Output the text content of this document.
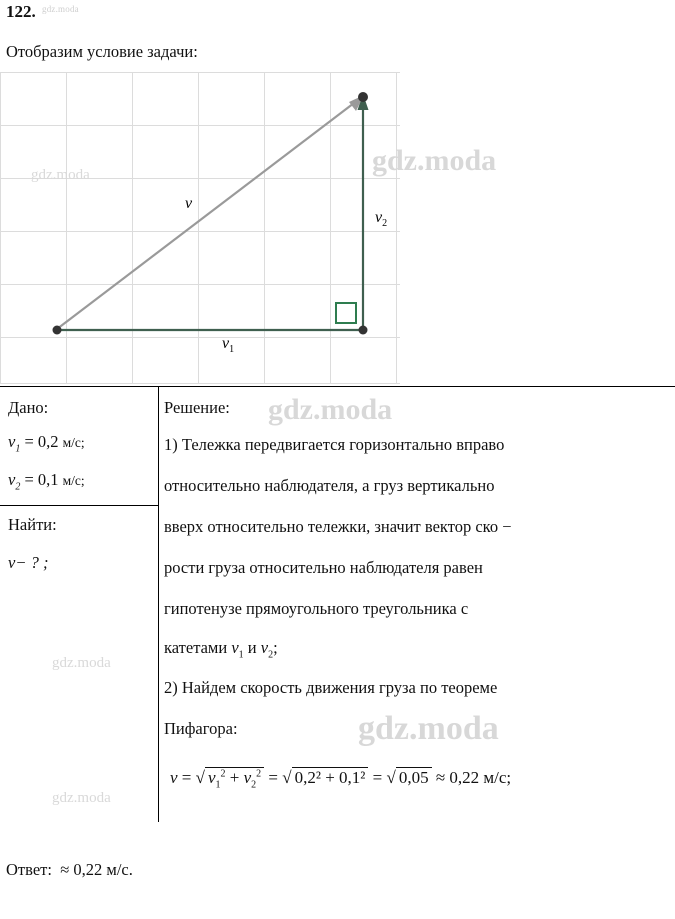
122. gdz.moda
Отобразим условие задачи:
v
$v_2$
$v_1$
gdz.moda	gdz.moda
Дано:
$v_1 = 0,2$ м/с;
$v_2 = 0,1$ м/с;
Найти:
v− ? ;
gdz.moda
gdz.moda
Решение: gdz.moda
1) Тележка передвигается горизонтально вправо
относительно наблюдателя, а груз вертикально
вверх относительно тележки, значит вектор ско −
рости груза относительно наблюдателя равен
гипотенузе прямоугольного треугольника с
катетами $v_1$ и $v_2$;
2) Найдем скорость движения груза по теореме
Пифагора:	gdz.moda
v = √ $v_1^2 + v_2^2$ = √ 0,2² + 0,1² = √ 0,05 ≈ 0,22 м/с;
Ответ: ≈ 0,22 м/с.
